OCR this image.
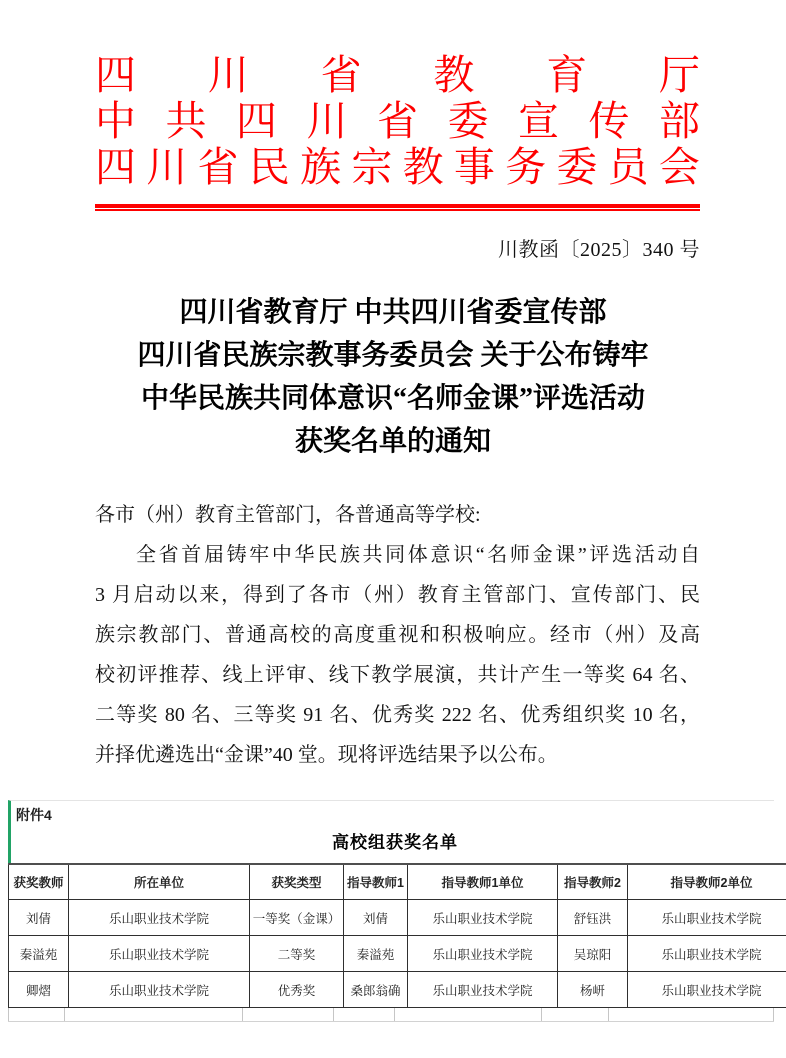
四 川 省 教 育 厅
中 共 四 川 省 委 宣 传 部
四 川 省 民 族 宗 教 事 务 委 员 会
川教函〔2025〕340 号
四川省教育厅 中共四川省委宣传部
四川省民族宗教事务委员会 关于公布铸牢
中华民族共同体意识“名师金课”评选活动
获奖名单的通知
各市（州）教育主管部门，各普通高等学校:
全省首届铸牢中华民族共同体意识“名师金课”评选活动自
3 月启动以来，得到了各市（州）教育主管部门、宣传部门、民
族宗教部门、普通高校的高度重视和积极响应。经市（州）及高
校初评推荐、线上评审、线下教学展演，共计产生一等奖 64 名、
二等奖 80 名、三等奖 91 名、优秀奖 222 名、优秀组织奖 10 名，
并择优遴选出“金课”40 堂。现将评选结果予以公布。
附件4
高校组获奖名单
获奖教师	所在单位	获奖类型	指导教师1	指导教师1单位	指导教师2	指导教师2单位
刘倩	乐山职业技术学院	一等奖（金课）	刘倩	乐山职业技术学院	舒钰洪	乐山职业技术学院
秦溢苑	乐山职业技术学院	二等奖	秦溢苑	乐山职业技术学院	吴琼阳	乐山职业技术学院
卿熠	乐山职业技术学院	优秀奖	桑郎翁确	乐山职业技术学院	杨岍	乐山职业技术学院
